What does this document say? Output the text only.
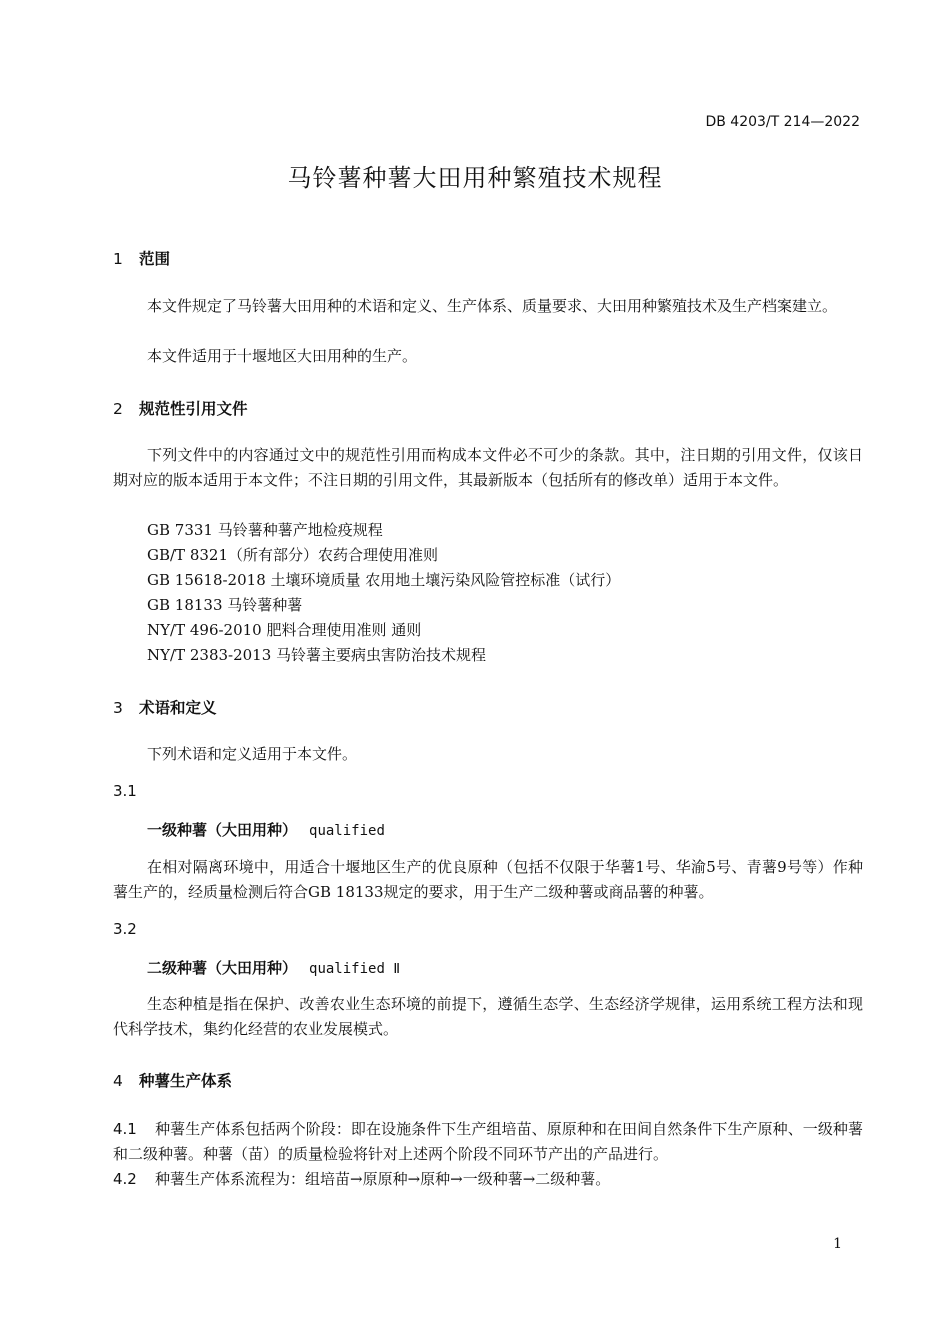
DB 4203/T 214—2022
马铃薯种薯大田用种繁殖技术规程
1 范围
本文件规定了马铃薯大田用种的术语和定义、生产体系、质量要求、大田用种繁殖技术及生产档案建立。
本文件适用于十堰地区大田用种的生产。
2 规范性引用文件
下列文件中的内容通过文中的规范性引用而构成本文件必不可少的条款。其中，注日期的引用文件，仅该日期对应的版本适用于本文件；不注日期的引用文件，其最新版本（包括所有的修改单）适用于本文件。
GB 7331 马铃薯种薯产地检疫规程
GB/T 8321（所有部分）农药合理使用准则
GB 15618-2018 土壤环境质量 农用地土壤污染风险管控标准（试行）
GB 18133 马铃薯种薯
NY/T 496-2010 肥料合理使用准则 通则
NY/T 2383-2013 马铃薯主要病虫害防治技术规程
3 术语和定义
下列术语和定义适用于本文件。
3.1
一级种薯（大田用种） qualified
在相对隔离环境中，用适合十堰地区生产的优良原种（包括不仅限于华薯1号、华渝5号、青薯9号等）作种薯生产的，经质量检测后符合GB 18133规定的要求，用于生产二级种薯或商品薯的种薯。
3.2
二级种薯（大田用种） qualified Ⅱ
生态种植是指在保护、改善农业生态环境的前提下，遵循生态学、生态经济学规律，运用系统工程方法和现代科学技术，集约化经营的农业发展模式。
4 种薯生产体系
4.1 种薯生产体系包括两个阶段：即在设施条件下生产组培苗、原原种和在田间自然条件下生产原种、一级种薯和二级种薯。种薯（苗）的质量检验将针对上述两个阶段不同环节产出的产品进行。
4.2 种薯生产体系流程为：组培苗→原原种→原种→一级种薯→二级种薯。
1
